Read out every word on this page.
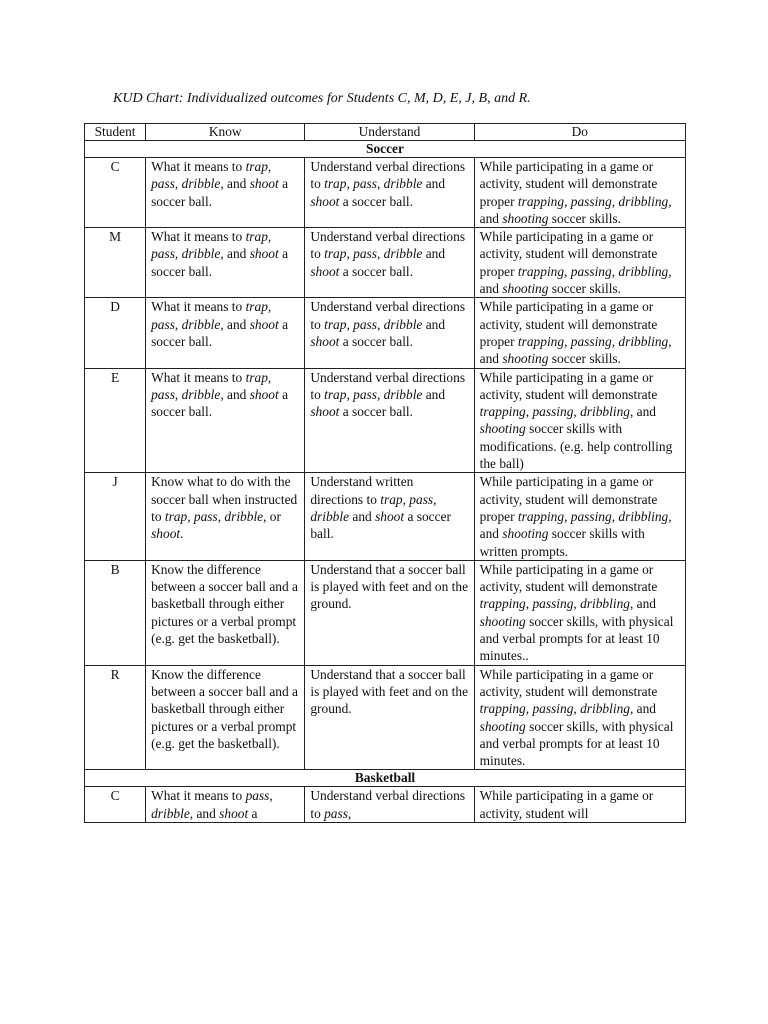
KUD Chart: Individualized outcomes for Students C, M, D, E, J, B, and R.
Student	Know	Understand	Do
Soccer			
C	What it means to trap, pass, dribble, and shoot a soccer ball.	Understand verbal directions to trap, pass, dribble and shoot a soccer ball.	While participating in a game or activity, student will demonstrate proper trapping, passing, dribbling, and shooting soccer skills.
M	What it means to trap, pass, dribble, and shoot a soccer ball.	Understand verbal directions to trap, pass, dribble and shoot a soccer ball.	While participating in a game or activity, student will demonstrate proper trapping, passing, dribbling, and shooting soccer skills.
D	What it means to trap, pass, dribble, and shoot a soccer ball.	Understand verbal directions to trap, pass, dribble and shoot a soccer ball.	While participating in a game or activity, student will demonstrate proper trapping, passing, dribbling, and shooting soccer skills.
E	What it means to trap, pass, dribble, and shoot a soccer ball.	Understand verbal directions to trap, pass, dribble and shoot a soccer ball.	While participating in a game or activity, student will demonstrate trapping, passing, dribbling, and shooting soccer skills with modifications. (e.g. help controlling the ball)
J	Know what to do with the soccer ball when instructed to trap, pass, dribble, or shoot.	Understand written directions to trap, pass, dribble and shoot a soccer ball.	While participating in a game or activity, student will demonstrate proper trapping, passing, dribbling, and shooting soccer skills with written prompts.
B	Know the difference between a soccer ball and a basketball through either pictures or a verbal prompt (e.g. get the basketball).	Understand that a soccer ball is played with feet and on the ground.	While participating in a game or activity, student will demonstrate trapping, passing, dribbling, and shooting soccer skills, with physical and verbal prompts for at least 10 minutes..
R	Know the difference between a soccer ball and a basketball through either pictures or a verbal prompt (e.g. get the basketball).	Understand that a soccer ball is played with feet and on the ground.	While participating in a game or activity, student will demonstrate trapping, passing, dribbling, and shooting soccer skills, with physical and verbal prompts for at least 10 minutes.
Basketball			
C	What it means to pass, dribble, and shoot a	Understand verbal directions to pass,	While participating in a game or activity, student will
